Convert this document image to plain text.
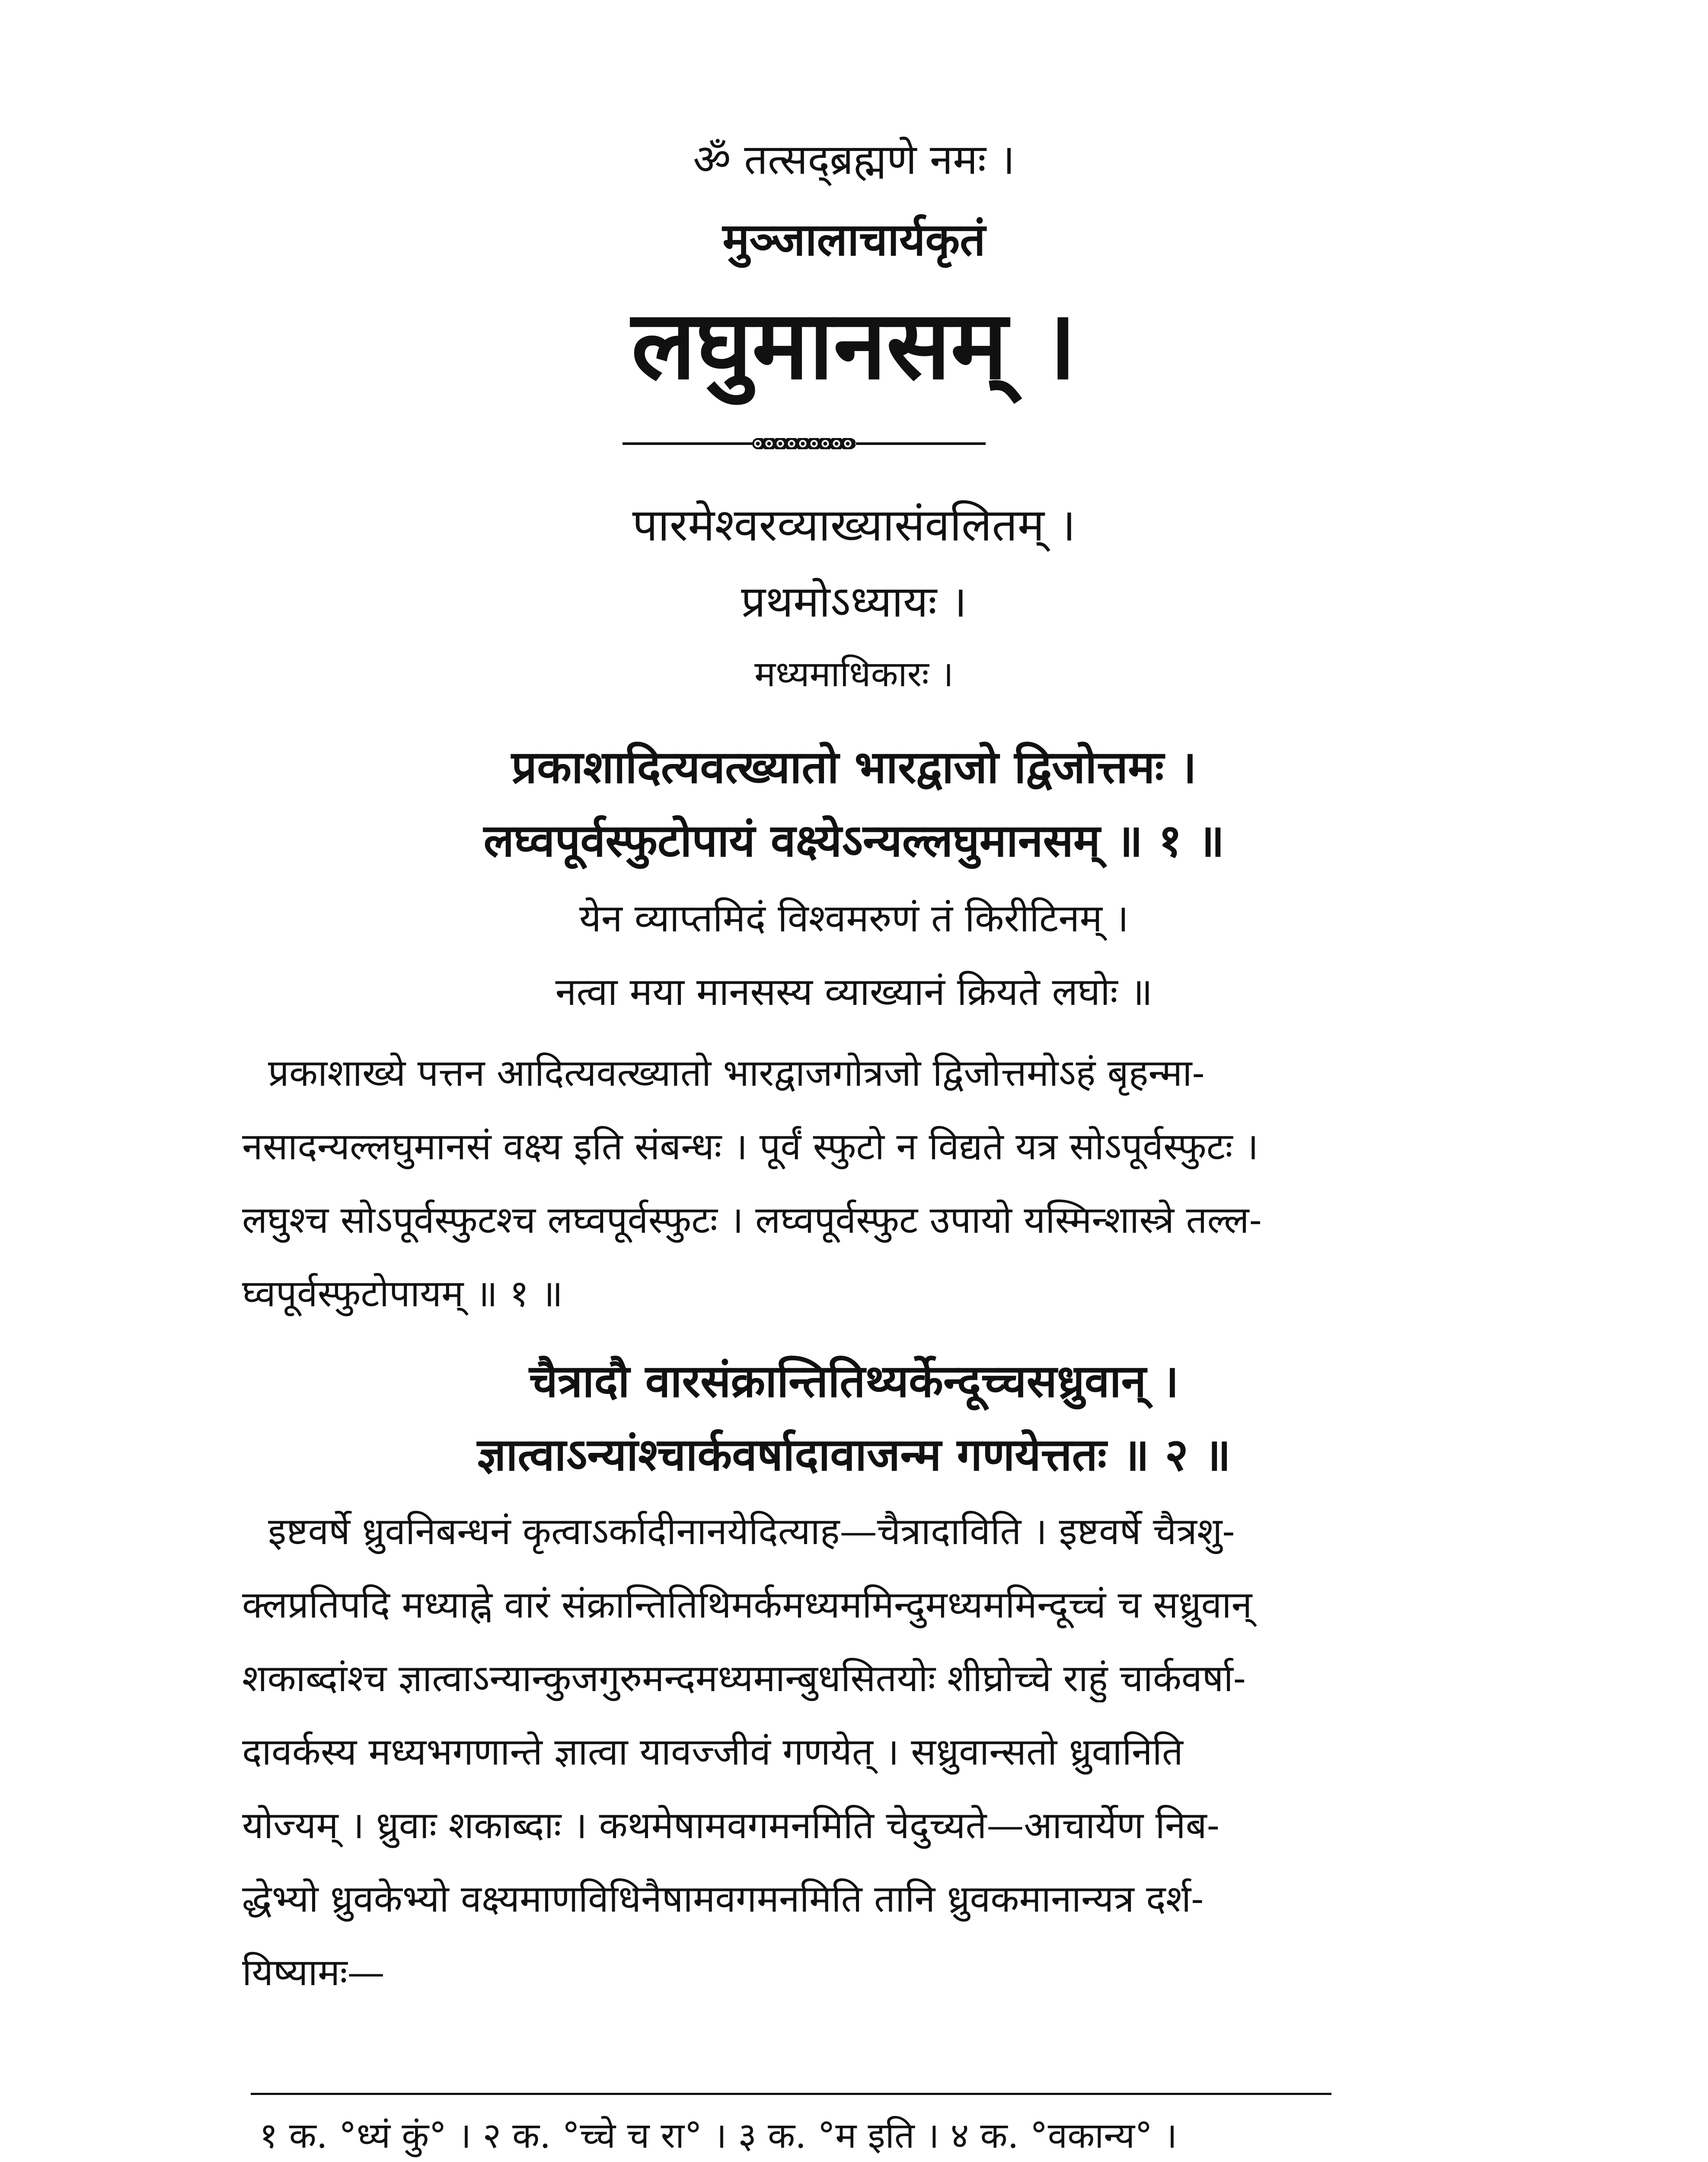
ॐ तत्सद्ब्रह्मणे नमः ।
मुञ्जालाचार्यकृतं
लघुमानसम् ।
पारमेश्वरव्याख्यासंवलितम् ।
प्रथमोऽध्यायः ।
मध्यमाधिकारः ।
प्रकाशादित्यवत्ख्यातो भारद्वाजो द्विजोत्तमः ।
लघ्वपूर्वस्फुटोपायं वक्ष्येऽन्यल्लघुमानसम् ॥ १ ॥
येन व्याप्तमिदं विश्वमरुणं तं किरीटिनम् ।
नत्वा मया मानसस्य व्याख्यानं क्रियते लघोः ॥
प्रकाशाख्ये पत्तन आदित्यवत्ख्यातो भारद्वाजगोत्रजो द्विजोत्तमोऽहं बृहन्मा-
नसादन्यल्लघुमानसं वक्ष्य इति संबन्धः । पूर्वं स्फुटो न विद्यते यत्र सोऽपूर्वस्फुटः ।
लघुश्च सोऽपूर्वस्फुटश्च लघ्वपूर्वस्फुटः । लघ्वपूर्वस्फुट उपायो यस्मिन्शास्त्रे तल्ल-
घ्वपूर्वस्फुटोपायम् ॥ १ ॥
चैत्रादौ वारसंक्रान्तितिथ्यर्केन्दूच्चसध्रुवान् ।
ज्ञात्वाऽन्यांश्चार्कवर्षादावाजन्म गणयेत्ततः ॥ २ ॥
इष्टवर्षे ध्रुवनिबन्धनं कृत्वाऽर्कादीनानयेदित्याह—चैत्रादाविति । इष्टवर्षे चैत्रशु-
क्लप्रतिपदि मध्याह्ने वारं संक्रान्तितिथिमर्कमध्यममिन्दुमध्यममिन्दूच्चं च सध्रुवान्
शकाब्दांश्च ज्ञात्वाऽन्यान्कुजगुरुमन्दमध्यमान्बुधसितयोः शीघ्रोच्चे राहुं चार्कवर्षा-
दावर्कस्य मध्यभगणान्ते ज्ञात्वा यावज्जीवं गणयेत् । सध्रुवान्सतो ध्रुवानिति
योज्यम् । ध्रुवाः शकाब्दाः । कथमेषामवगमनमिति चेदुच्यते—आचार्येण निब-
द्धेभ्यो ध्रुवकेभ्यो वक्ष्यमाणविधिनैषामवगमनमिति तानि ध्रुवकमानान्यत्र दर्श-
यिष्यामः—
१ क. °ध्यं कुं° । २ क. °च्चे च रा° । ३ क. °म इति । ४ क. °वकान्य° ।
